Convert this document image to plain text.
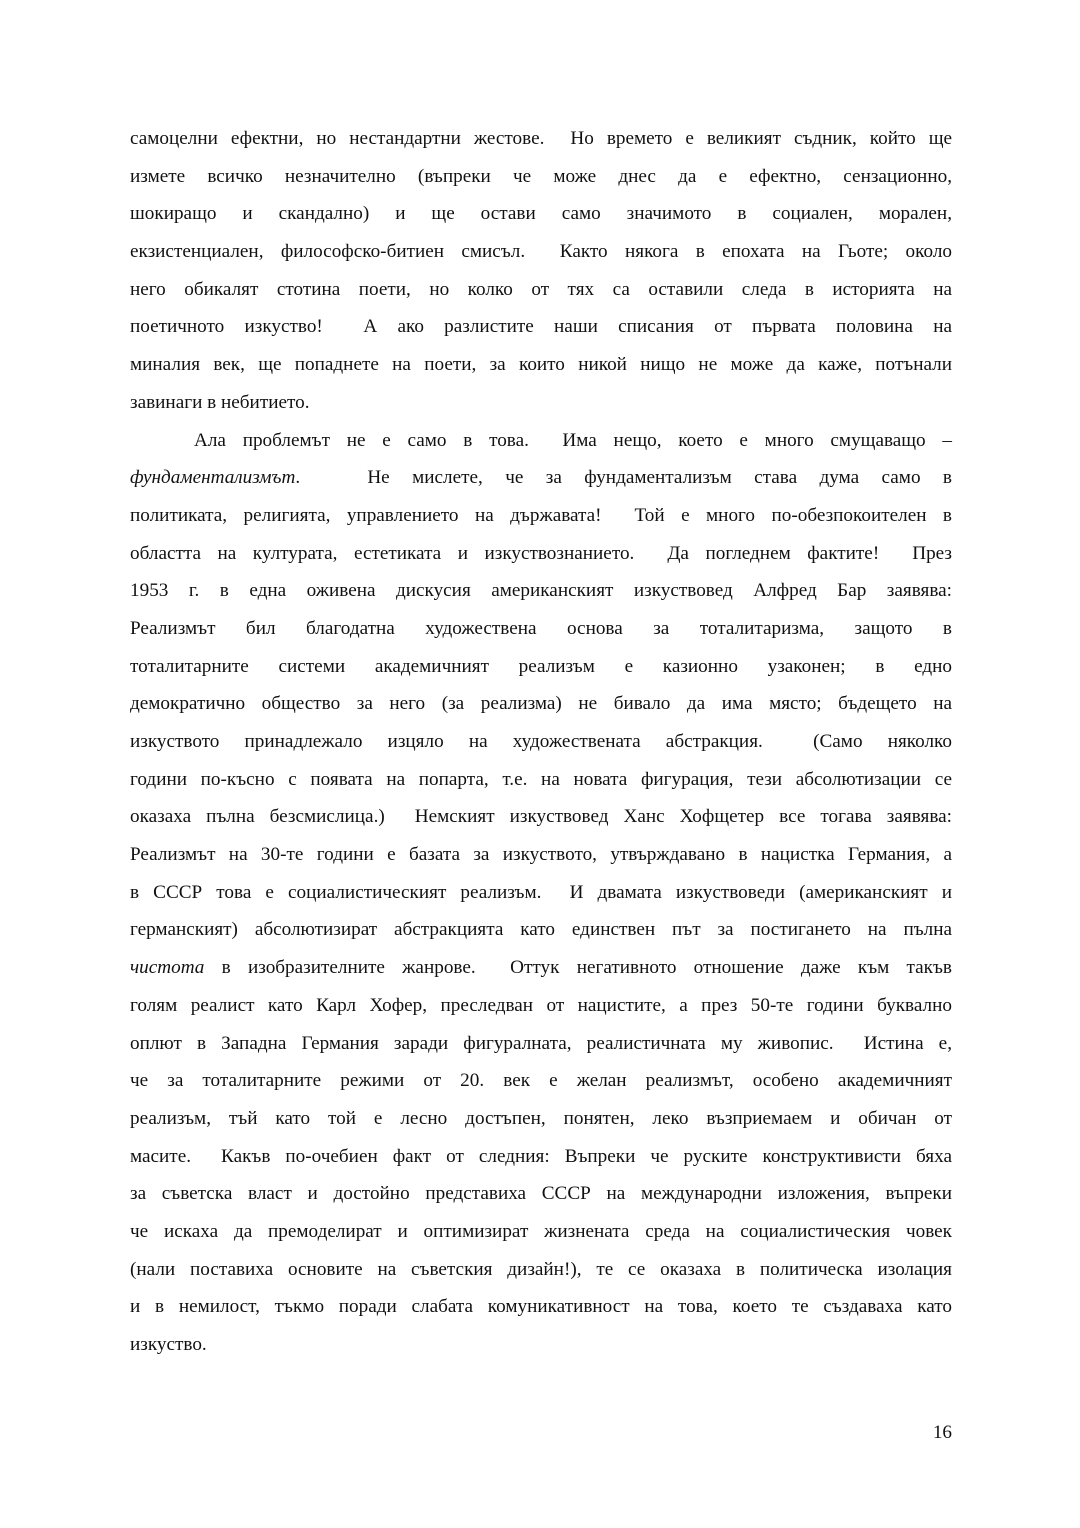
самоцелни ефектни, но нестандартни жестове.  Но времето е великият съдник, който ще
измете всичко незначително (въпреки че може днес да е ефектно, сензационно,
шокиращо и скандално) и ще остави само значимото в социален, морален,
екзистенциален, философско-битиен смисъл.  Както някога в епохата на Гьоте; около
него обикалят стотина поети, но колко от тях са оставили следа в историята на
поетичното изкуство!  А ако разлистите наши списания от първата половина на
миналия век, ще попаднете на поети, за които никой нищо не може да каже, потънали
завинаги в небитието.
Ала проблемът не е само в това.  Има нещо, което е много смущаващо –
фундаментализмът.   Не мислете, че за фундаментализъм става дума само в
политиката, религията, управлението на държавата!  Той е много по-обезпокоителен в
областта на културата, естетиката и изкуствознанието.  Да погледнем фактите!  През
1953 г. в една оживена дискусия американският изкуствовед Алфред Бар заявява:
Реализмът бил благодатна художествена основа за тоталитаризма, защото в
тоталитарните системи академичният реализъм е казионно узаконен; в едно
демократично общество за него (за реализма) не бивало да има място; бъдещето на
изкуството принадлежало изцяло на художествената абстракция.  (Само няколко
години по-късно с появата на попарта, т.е. на новата фигурация, тези абсолютизации се
оказаха пълна безсмислица.)  Немският изкуствовед Ханс Хофщетер все тогава заявява:
Реализмът на 30-те години е базата за изкуството, утвърждавано в нацистка Германия, а
в СССР това е социалистическият реализъм.  И двамата изкуствоведи (американският и
германският) абсолютизират абстракцията като единствен път за постигането на пълна
чистота в изобразителните жанрове.  Оттук негативното отношение даже към такъв
голям реалист като Карл Хофер, преследван от нацистите, а през 50-те години буквално
оплют в Западна Германия заради фигуралната, реалистичната му живопис.  Истина е,
че за тоталитарните режими от 20. век е желан реализмът, особено академичният
реализъм, тъй като той е лесно достъпен, понятен, леко възприемаем и обичан от
масите.  Какъв по-очебиен факт от следния: Въпреки че руските конструктивисти бяха
за съветска власт и достойно представиха СССР на международни изложения, въпреки
че искаха да премоделират и оптимизират жизнената среда на социалистическия човек
(нали поставиха основите на съветския дизайн!), те се оказаха в политическа изолация
и в немилост, тъкмо поради слабата комуникативност на това, което те създаваха като
изкуство.
16
